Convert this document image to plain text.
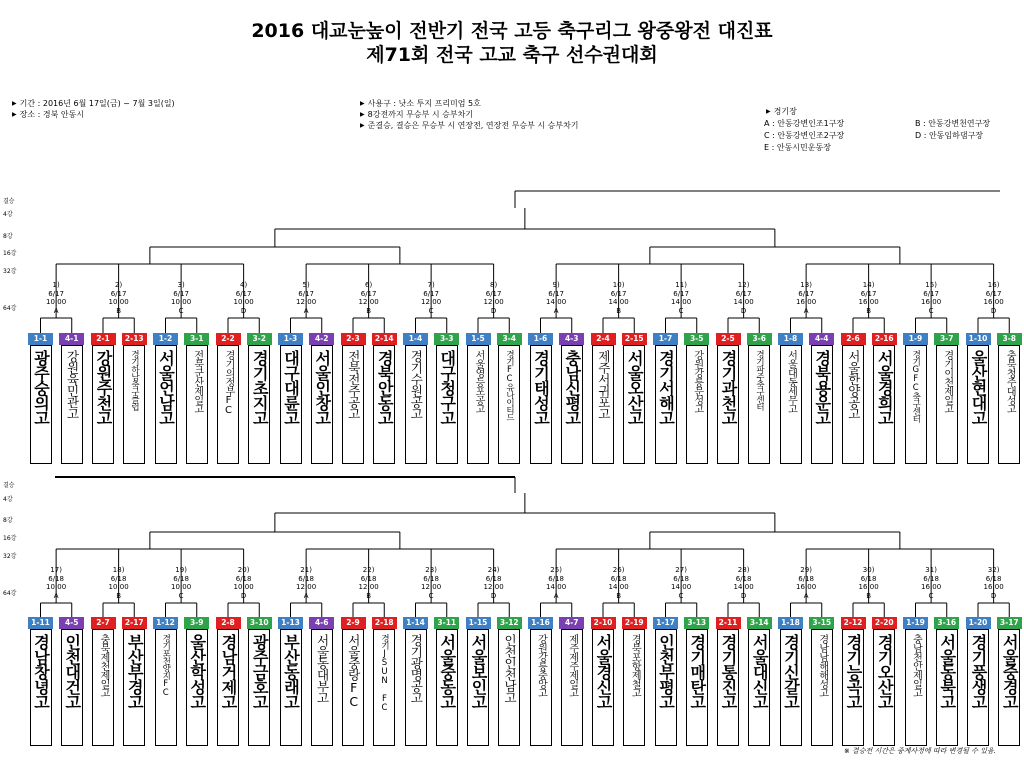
2016 대교눈높이 전반기 전국 고등 축구리그 왕중왕전 대진표
제71회 전국 고교 축구 선수권대회
▶ 기간 : 2016년 6월 17일(금) ~ 7월 3일(일)
▶ 장소 : 경북 안동시
▶ 사용구 : 낫소 투지 프리미엄 5호
▶ 8강전까지 무승부 시 승부차기
▶ 준결승, 결승은 무승부 시 연장전, 연장전 무승부 시 승부차기
▶ 경기장
A : 안동강변인조1구장	B : 안동강변천연구장
C : 안동강변인조2구장	D : 안동임하댐구장
E : 안동시민운동장
결승
4강
8강
16강
32강
64강
결승
4강
8강
16강
32강
64강
1)
6/17
10:00
A
2)
6/17
10:00
B
3)
6/17
10:00
C
4)
6/17
10:00
D
5)
6/17
12:00
A
6)
6/17
12:00
B
7)
6/17
12:00
C
8)
6/17
12:00
D
9)
6/17
14:00
A
10)
6/17
14:00
B
11)
6/17
14:00
C
12)
6/17
14:00
D
13)
6/17
16:00
A
14)
6/17
16:00
B
15)
6/17
16:00
C
16)
6/17
16:00
D
1-1
광주숭의고
4-1
강원육민관고
2-1
강원주천고
2-13
경기하남축구클럽
1-2
서울언남고
3-1
전북군산제일고
2-2
경기의정부FC
3-2
경기초지고
1-3
대구대륜고
4-2
서울인창고
2-3
전북전주공고
2-14
경북안동고
1-4
경기수원공고
3-3
대구청구고
1-5
서울영등포공고
3-4
경기FC유나이티드
1-6
경기태성고
4-3
충남신평고
2-4
제주서귀포고
2-15
서울오산고
1-7
경기서해고
3-5
강원강릉문성고
2-5
경기과천고
3-6
경기파주축구센터
1-8
서울대동세무고
4-4
경북용운고
2-6
서울한양공고
2-16
서울경희고
1-9
경기GFC축구센터
3-7
경기이천제일고
1-10
울산현대고
3-8
충북청주대성고
17)
6/18
10:00
A
18)
6/18
10:00
B
19)
6/18
10:00
C
20)
6/18
10:00
D
21)
6/18
12:00
A
22)
6/18
12:00
B
23)
6/18
12:00
C
24)
6/18
12:00
D
25)
6/18
14:00
A
26)
6/18
14:00
B
27)
6/18
14:00
C
28)
6/18
14:00
D
29)
6/18
16:00
A
30)
6/18
16:00
B
31)
6/18
16:00
C
32)
6/18
16:00
D
1-11
경남창녕고
4-5
인천대건고
2-7
충북제천제일고
2-17
부산부경고
1-12
경기포천양지FC
3-9
울산학성고
2-8
경남거제고
3-10
광주금호고
1-13
부산동래고
4-6
서울동대부고
2-9
서울중랑FC
2-18
경기JSUN FC
1-14
경기광명공고
3-11
서울중동고
1-15
서울보인고
3-12
인천인천남고
1-16
강원강릉중앙고
4-7
제주제주제일고
2-10
서울경신고
2-19
경북포항제철고
1-17
인천부평고
3-13
경기매탄고
2-11
경기통진고
3-14
서울대신고
1-18
경기신갈고
3-15
경남남해해성고
2-12
경기능곡고
2-20
경기오산고
1-19
충남천안제일고
3-16
서울동북고
1-20
경기풍생고
3-17
서울중경고
※ 결승전 시간은 중계사정에 따라 변경될 수 있음.
